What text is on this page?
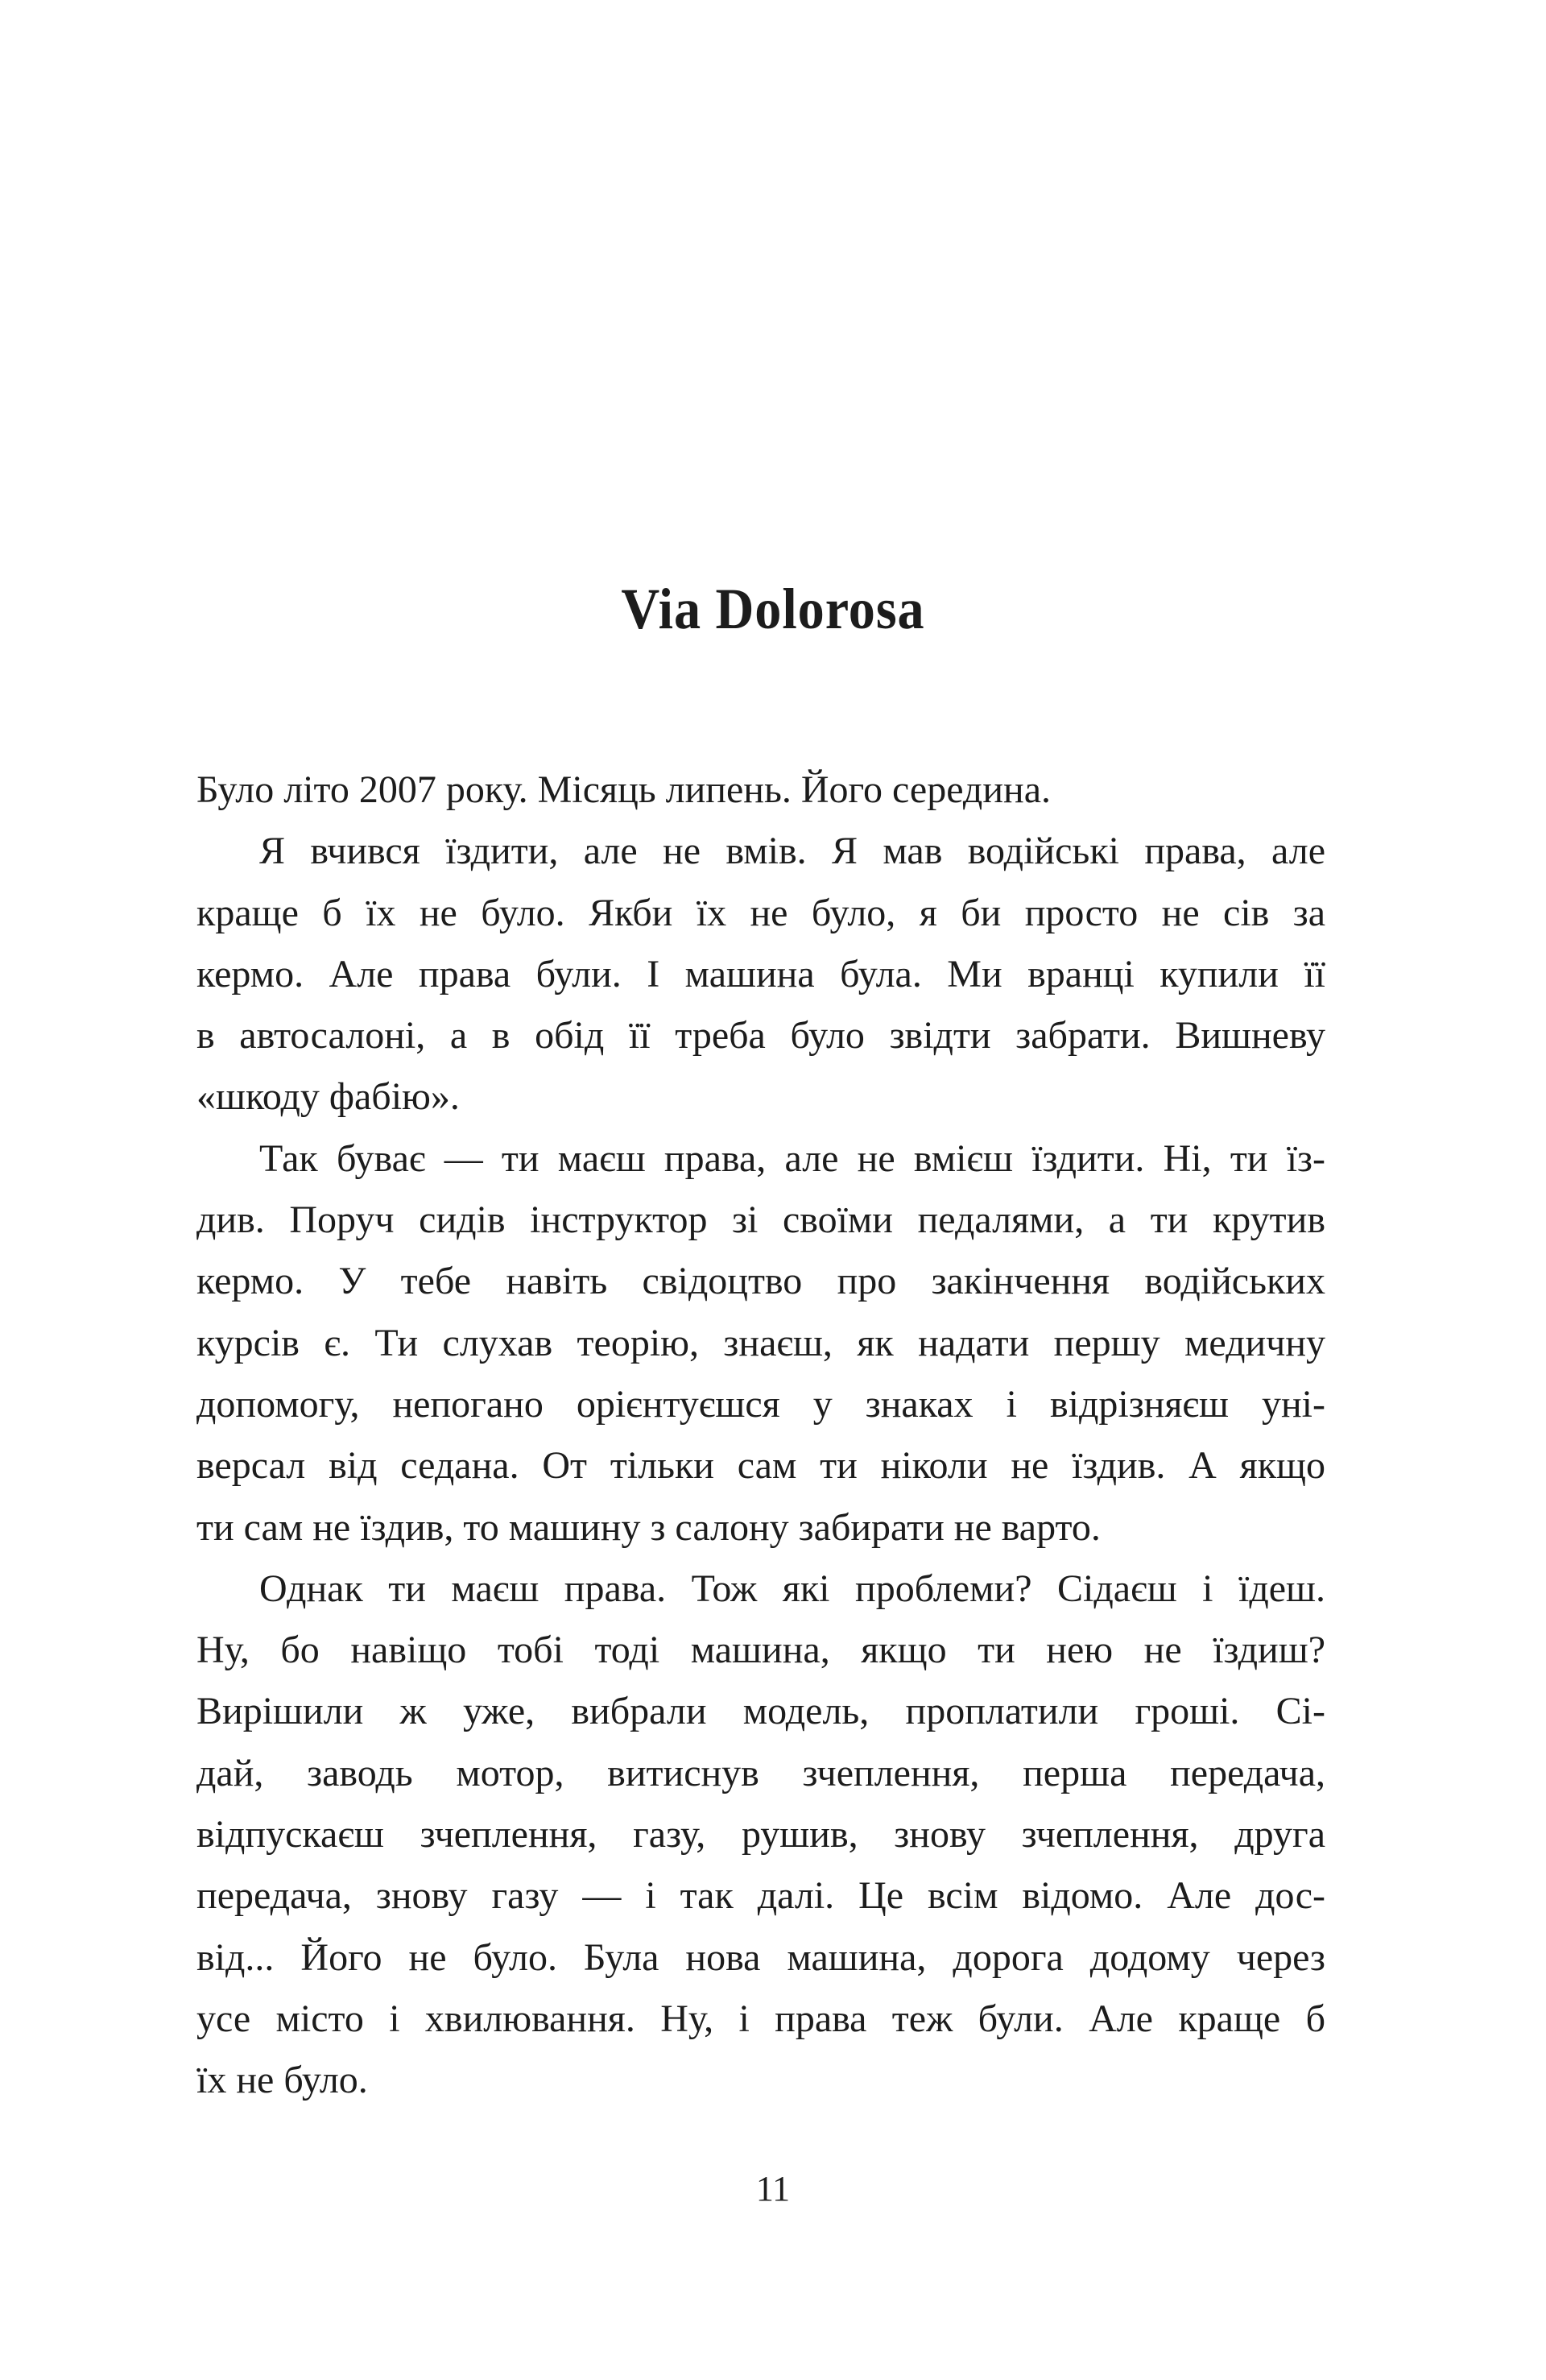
Via Dolorosa
Було літо 2007 року. Місяць липень. Його середина.
Я вчився їздити, але не вмів. Я мав водійські права, але
краще б їх не було. Якби їх не було, я би просто не сів за
кермо. Але права були. І машина була. Ми вранці купили її
в автосалоні, а в обід її треба було звідти забрати. Вишневу
«шкоду фабію».
Так буває — ти маєш права, але не вмієш їздити. Ні, ти їз-
див. Поруч сидів інструктор зі своїми педалями, а ти крутив
кермо. У тебе навіть свідоцтво про закінчення водійських
курсів є. Ти слухав теорію, знаєш, як надати першу медичну
допомогу, непогано орієнтуєшся у знаках і відрізняєш уні-
версал від седана. От тільки сам ти ніколи не їздив. А якщо
ти сам не їздив, то машину з салону забирати не варто.
Однак ти маєш права. Тож які проблеми? Сідаєш і їдеш.
Ну, бо навіщо тобі тоді машина, якщо ти нею не їздиш?
Вирішили ж уже, вибрали модель, проплатили гроші. Сі-
дай, заводь мотор, витиснув зчеплення, перша передача,
відпускаєш зчеплення, газу, рушив, знову зчеплення, друга
передача, знову газу — і так далі. Це всім відомо. Але дос-
від... Його не було. Була нова машина, дорога додому через
усе місто і хвилювання. Ну, і права теж були. Але краще б
їх не було.
11
